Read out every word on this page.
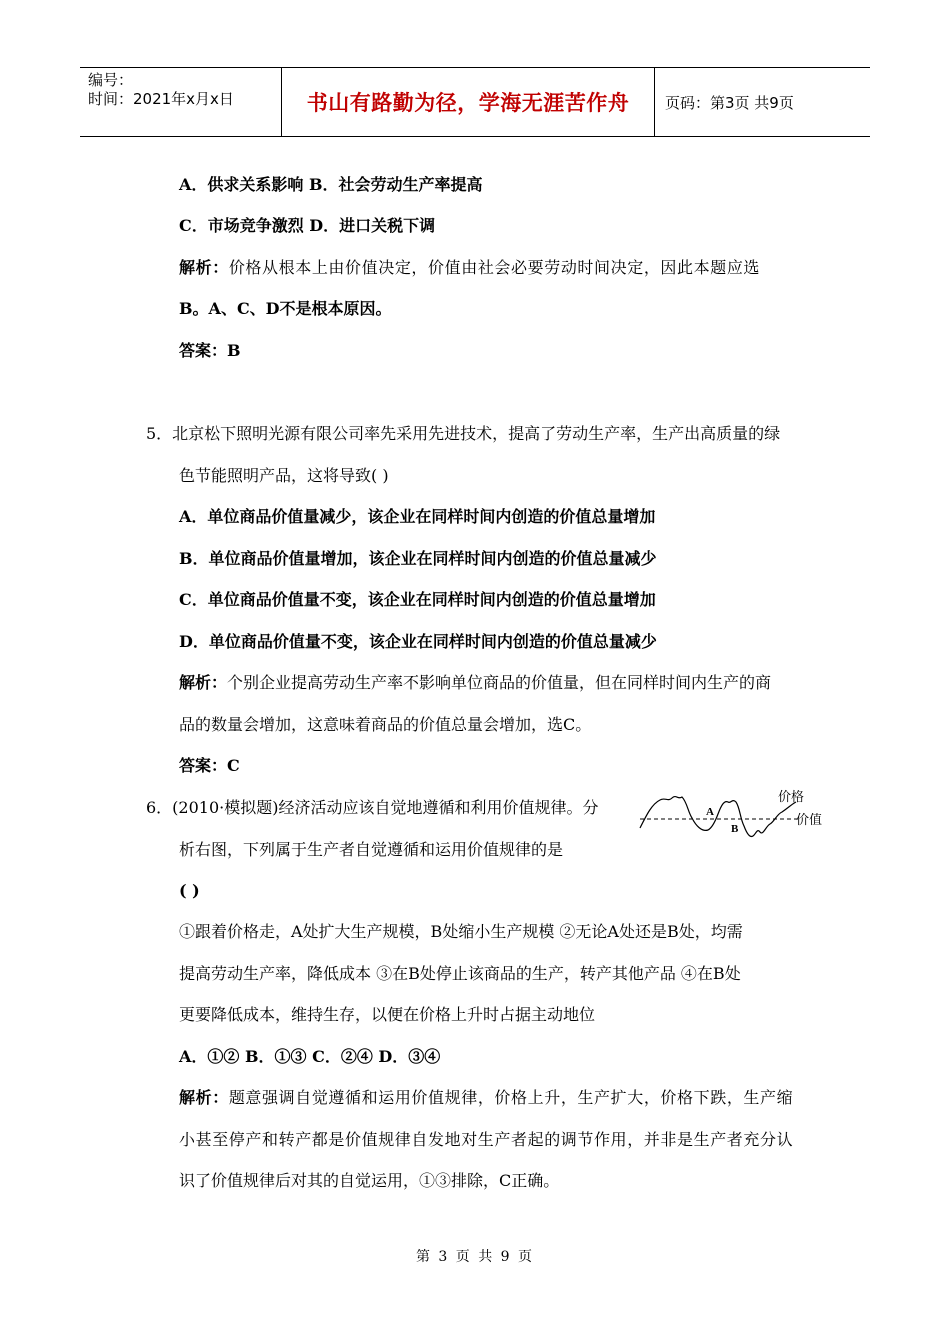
编号：
时间：2021年x月x日	书山有路勤为径，学海无涯苦作舟 页码：第3页 共9页
A．供求关系影响 B．社会劳动生产率提高
C．市场竞争激烈 D．进口关税下调
解析：价格从根本上由价值决定，价值由社会必要劳动时间决定，因此本题应选
B。A、C、D不是根本原因。
答案：B
5．北京松下照明光源有限公司率先采用先进技术，提高了劳动生产率，生产出高质量的绿
色节能照明产品，这将导致( )
A．单位商品价值量减少，该企业在同样时间内创造的价值总量增加
B．单位商品价值量增加，该企业在同样时间内创造的价值总量减少
C．单位商品价值量不变，该企业在同样时间内创造的价值总量增加
D．单位商品价值量不变，该企业在同样时间内创造的价值总量减少
解析：个别企业提高劳动生产率不影响单位商品的价值量，但在同样时间内生产的商
品的数量会增加，这意味着商品的价值总量会增加，选C。
答案：C
6．(2010·模拟题)经济活动应该自觉地遵循和利用价值规律。分
析右图，下列属于生产者自觉遵循和运用价值规律的是
( )
A
B
价格
价值
①跟着价格走，A处扩大生产规模，B处缩小生产规模 ②无论A处还是B处，均需
提高劳动生产率，降低成本 ③在B处停止该商品的生产，转产其他产品 ④在B处
更要降低成本，维持生存，以便在价格上升时占据主动地位
A．①② B．①③ C．②④ D．③④
解析：题意强调自觉遵循和运用价值规律，价格上升，生产扩大，价格下跌，生产缩
小甚至停产和转产都是价值规律自发地对生产者起的调节作用，并非是生产者充分认
识了价值规律后对其的自觉运用，①③排除，C正确。
第 3 页 共 9 页
